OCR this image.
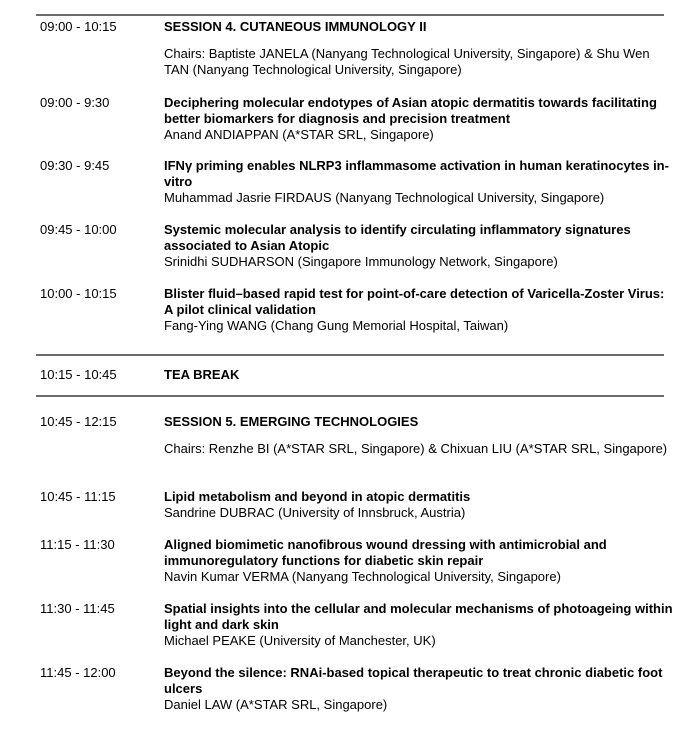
09:00 - 10:15	SESSION 4. CUTANEOUS IMMUNOLOGY II
Chairs: Baptiste JANELA (Nanyang Technological University, Singapore) & Shu Wen TAN (Nanyang Technological University, Singapore)
09:00 - 9:30	Deciphering molecular endotypes of Asian atopic dermatitis towards facilitating better biomarkers for diagnosis and precision treatment
Anand ANDIAPPAN (A*STAR SRL, Singapore)
09:30 - 9:45	IFNγ priming enables NLRP3 inflammasome activation in human keratinocytes in-vitro
Muhammad Jasrie FIRDAUS (Nanyang Technological University, Singapore)
09:45 - 10:00	Systemic molecular analysis to identify circulating inflammatory signatures associated to Asian Atopic
Srinidhi SUDHARSON (Singapore Immunology Network, Singapore)
10:00 - 10:15	Blister fluid–based rapid test for point-of-care detection of Varicella-Zoster Virus: A pilot clinical validation
Fang-Ying WANG (Chang Gung Memorial Hospital, Taiwan)
10:15 - 10:45	TEA BREAK
10:45 - 12:15	SESSION 5. EMERGING TECHNOLOGIES
Chairs: Renzhe BI (A*STAR SRL, Singapore) & Chixuan LIU (A*STAR SRL, Singapore)
10:45 - 11:15	Lipid metabolism and beyond in atopic dermatitis
Sandrine DUBRAC (University of Innsbruck, Austria)
11:15 - 11:30	Aligned biomimetic nanofibrous wound dressing with antimicrobial and immunoregulatory functions for diabetic skin repair
Navin Kumar VERMA (Nanyang Technological University, Singapore)
11:30 - 11:45	Spatial insights into the cellular and molecular mechanisms of photoageing within light and dark skin
Michael PEAKE (University of Manchester, UK)
11:45 - 12:00	Beyond the silence: RNAi-based topical therapeutic to treat chronic diabetic foot ulcers
Daniel LAW (A*STAR SRL, Singapore)
